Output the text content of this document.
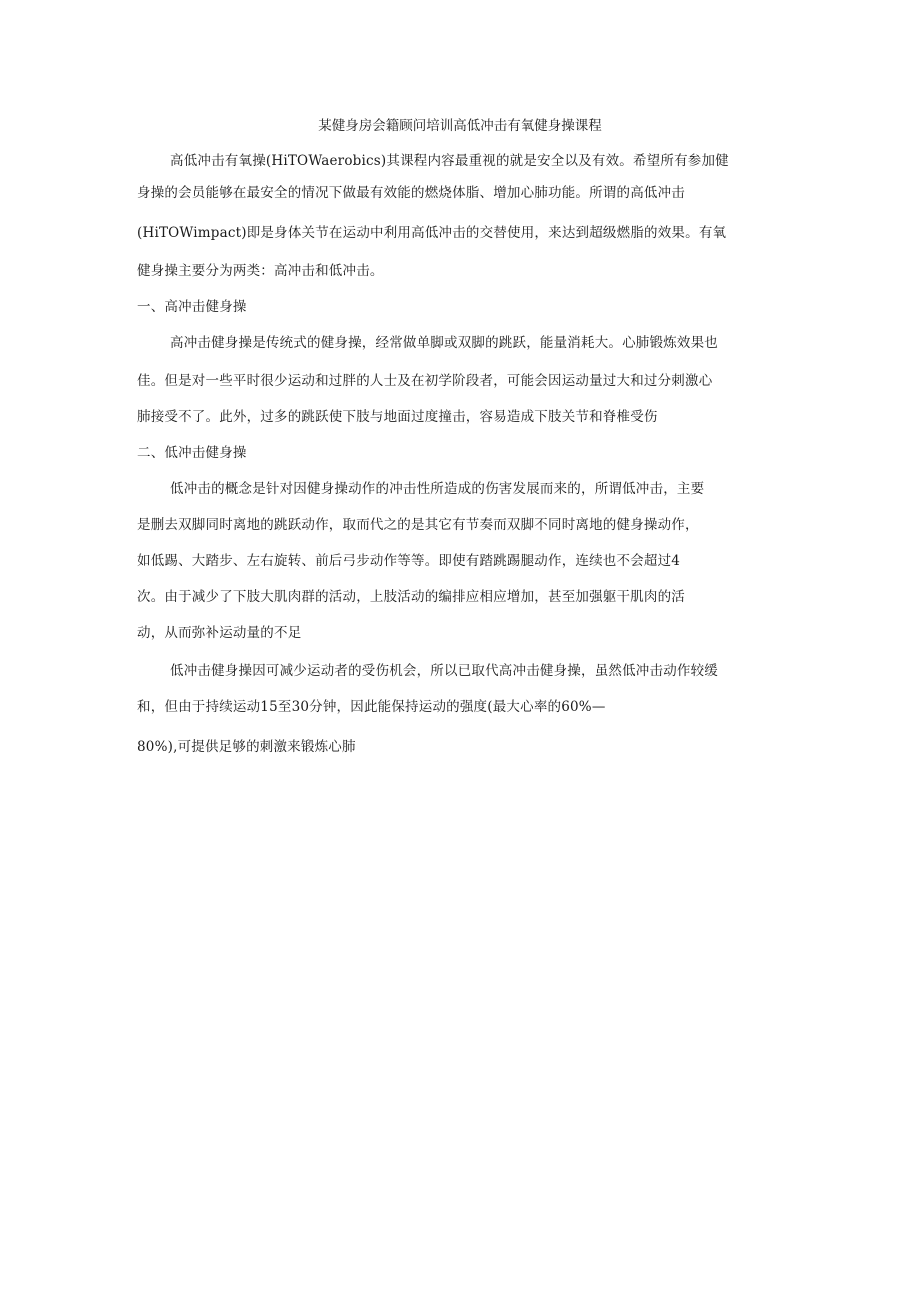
某健身房会籍顾问培训高低冲击有氧健身操课程
高低冲击有氧操(HiTOWaerobics)其课程内容最重视的就是安全以及有效。希望所有参加健
身操的会员能够在最安全的情况下做最有效能的燃烧体脂、增加心肺功能。所谓的高低冲击
(HiTOWimpact)即是身体关节在运动中利用高低冲击的交替使用，来达到超级燃脂的效果。有氧
健身操主要分为两类：高冲击和低冲击。
一、高冲击健身操
高冲击健身操是传统式的健身操，经常做单脚或双脚的跳跃，能量消耗大。心肺锻炼效果也
佳。但是对一些平时很少运动和过胖的人士及在初学阶段者，可能会因运动量过大和过分刺激心
肺接受不了。此外，过多的跳跃使下肢与地面过度撞击，容易造成下肢关节和脊椎受伤
二、低冲击健身操
低冲击的概念是针对因健身操动作的冲击性所造成的伤害发展而来的，所谓低冲击，主要
是删去双脚同时离地的跳跃动作，取而代之的是其它有节奏而双脚不同时离地的健身操动作，
如低踢、大踏步、左右旋转、前后弓步动作等等。即使有踏跳踢腿动作，连续也不会超过4
次。由于减少了下肢大肌肉群的活动，上肢活动的编排应相应增加，甚至加强躯干肌肉的活
动，从而弥补运动量的不足
低冲击健身操因可减少运动者的受伤机会，所以已取代高冲击健身操，虽然低冲击动作较缓
和，但由于持续运动15至30分钟，因此能保持运动的强度(最大心率的60%—
80%),可提供足够的刺激来锻炼心肺
